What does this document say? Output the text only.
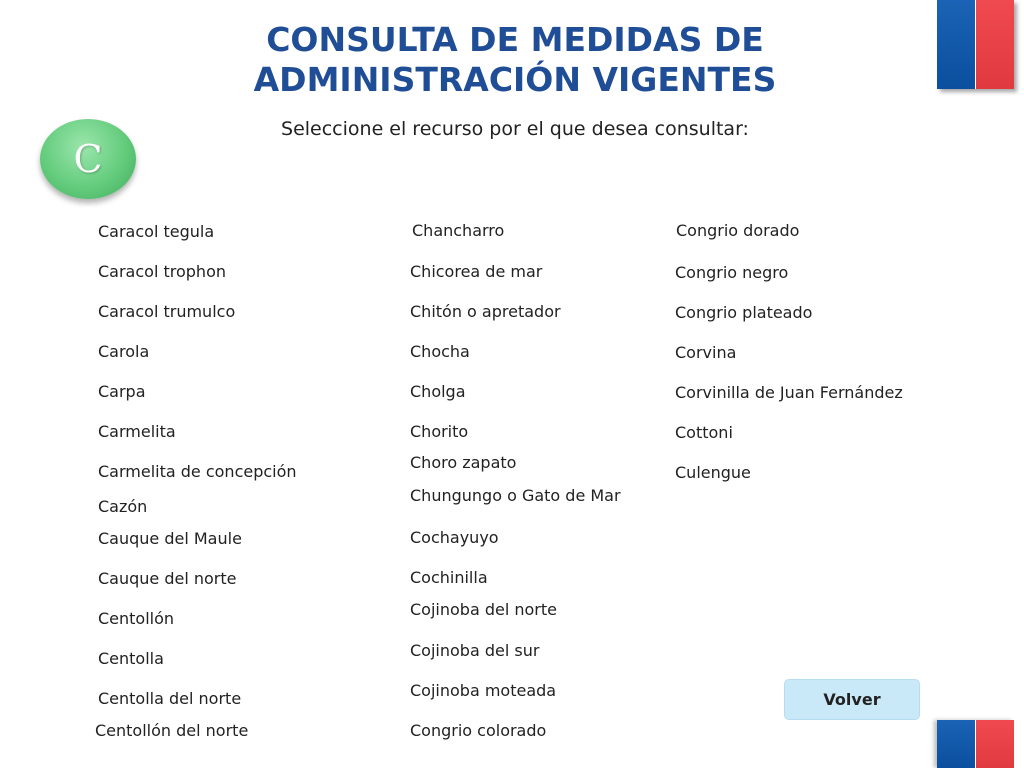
CONSULTA DE MEDIDAS DE
ADMINISTRACIÓN VIGENTES

Seleccione el recurso por el que desea consultar:

C
Caracol tegula
Caracol trophon
Caracol trumulco
Carola
Carpa
Carmelita
Carmelita de concepción
Cazón
Cauque del Maule
Cauque del norte
Centollón
Centolla
Centolla del norte
Centollón del norte
Chancharro
Chicorea de mar
Chitón o apretador
Chocha
Cholga
Chorito
Choro zapato
Chungungo o Gato de Mar
Cochayuyo
Cochinilla
Cojinoba del norte
Cojinoba del sur
Cojinoba moteada
Congrio colorado
Congrio dorado
Congrio negro
Congrio plateado
Corvina
Corvinilla de Juan Fernández
Cottoni
Culengue
Volver
